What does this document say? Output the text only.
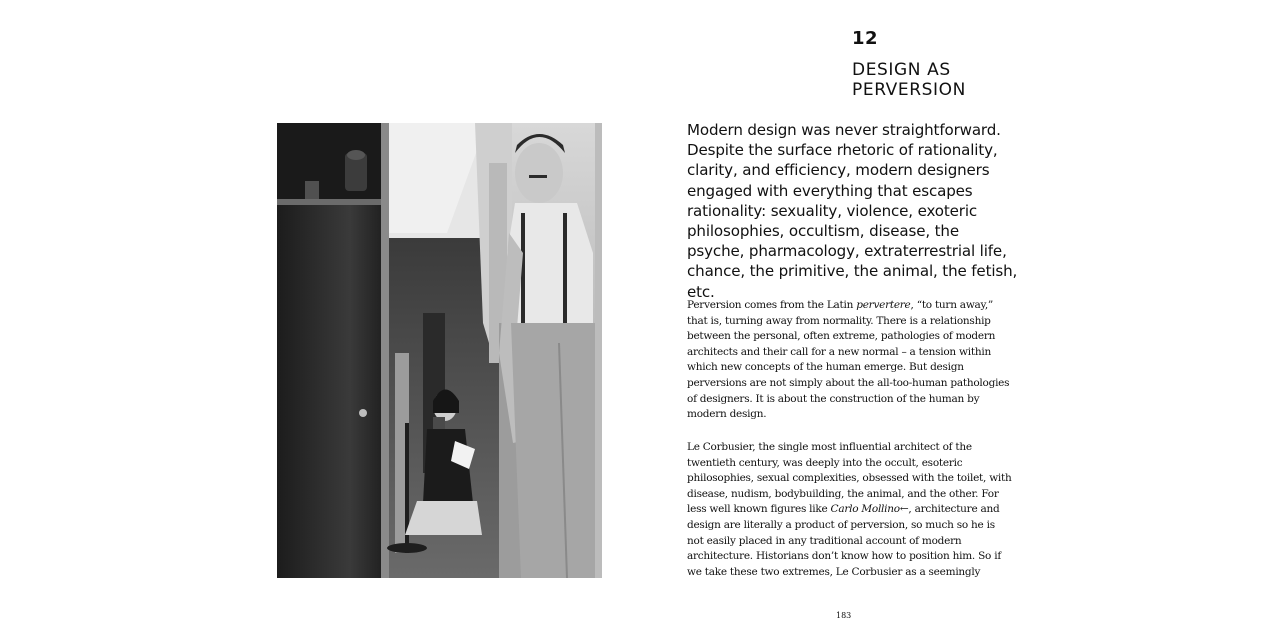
12
DESIGN AS
PERVERSION
Modern design was never straightforward. Despite the surface rhetoric of rationality, clarity, and efficiency, modern designers engaged with everything that escapes rationality: sexuality, violence, exoteric philosophies, occultism, disease, the psyche, pharmacology, extraterrestrial life, chance, the primitive, the animal, the fetish, etc.
Perversion comes from the Latin pervertere, “to turn away,” that is, turning away from normality. There is a relationship between the personal, often extreme, pathologies of modern architects and their call for a new normal – a tension within which new concepts of the human emerge. But design perversions are not simply about the all-too-human pathologies of designers. It is about the construction of the human by modern design.
Le Corbusier, the single most influential architect of the twentieth century, was deeply into the occult, esoteric philosophies, sexual complexities, obsessed with the toilet, with disease, nudism, bodybuilding, the animal, and the other. For less well known figures like Carlo Mollino←, architecture and design are literally a product of perversion, so much so he is not easily placed in any traditional account of modern architecture. Historians don’t know how to position him. So if we take these two extremes, Le Corbusier as a seemingly
183
